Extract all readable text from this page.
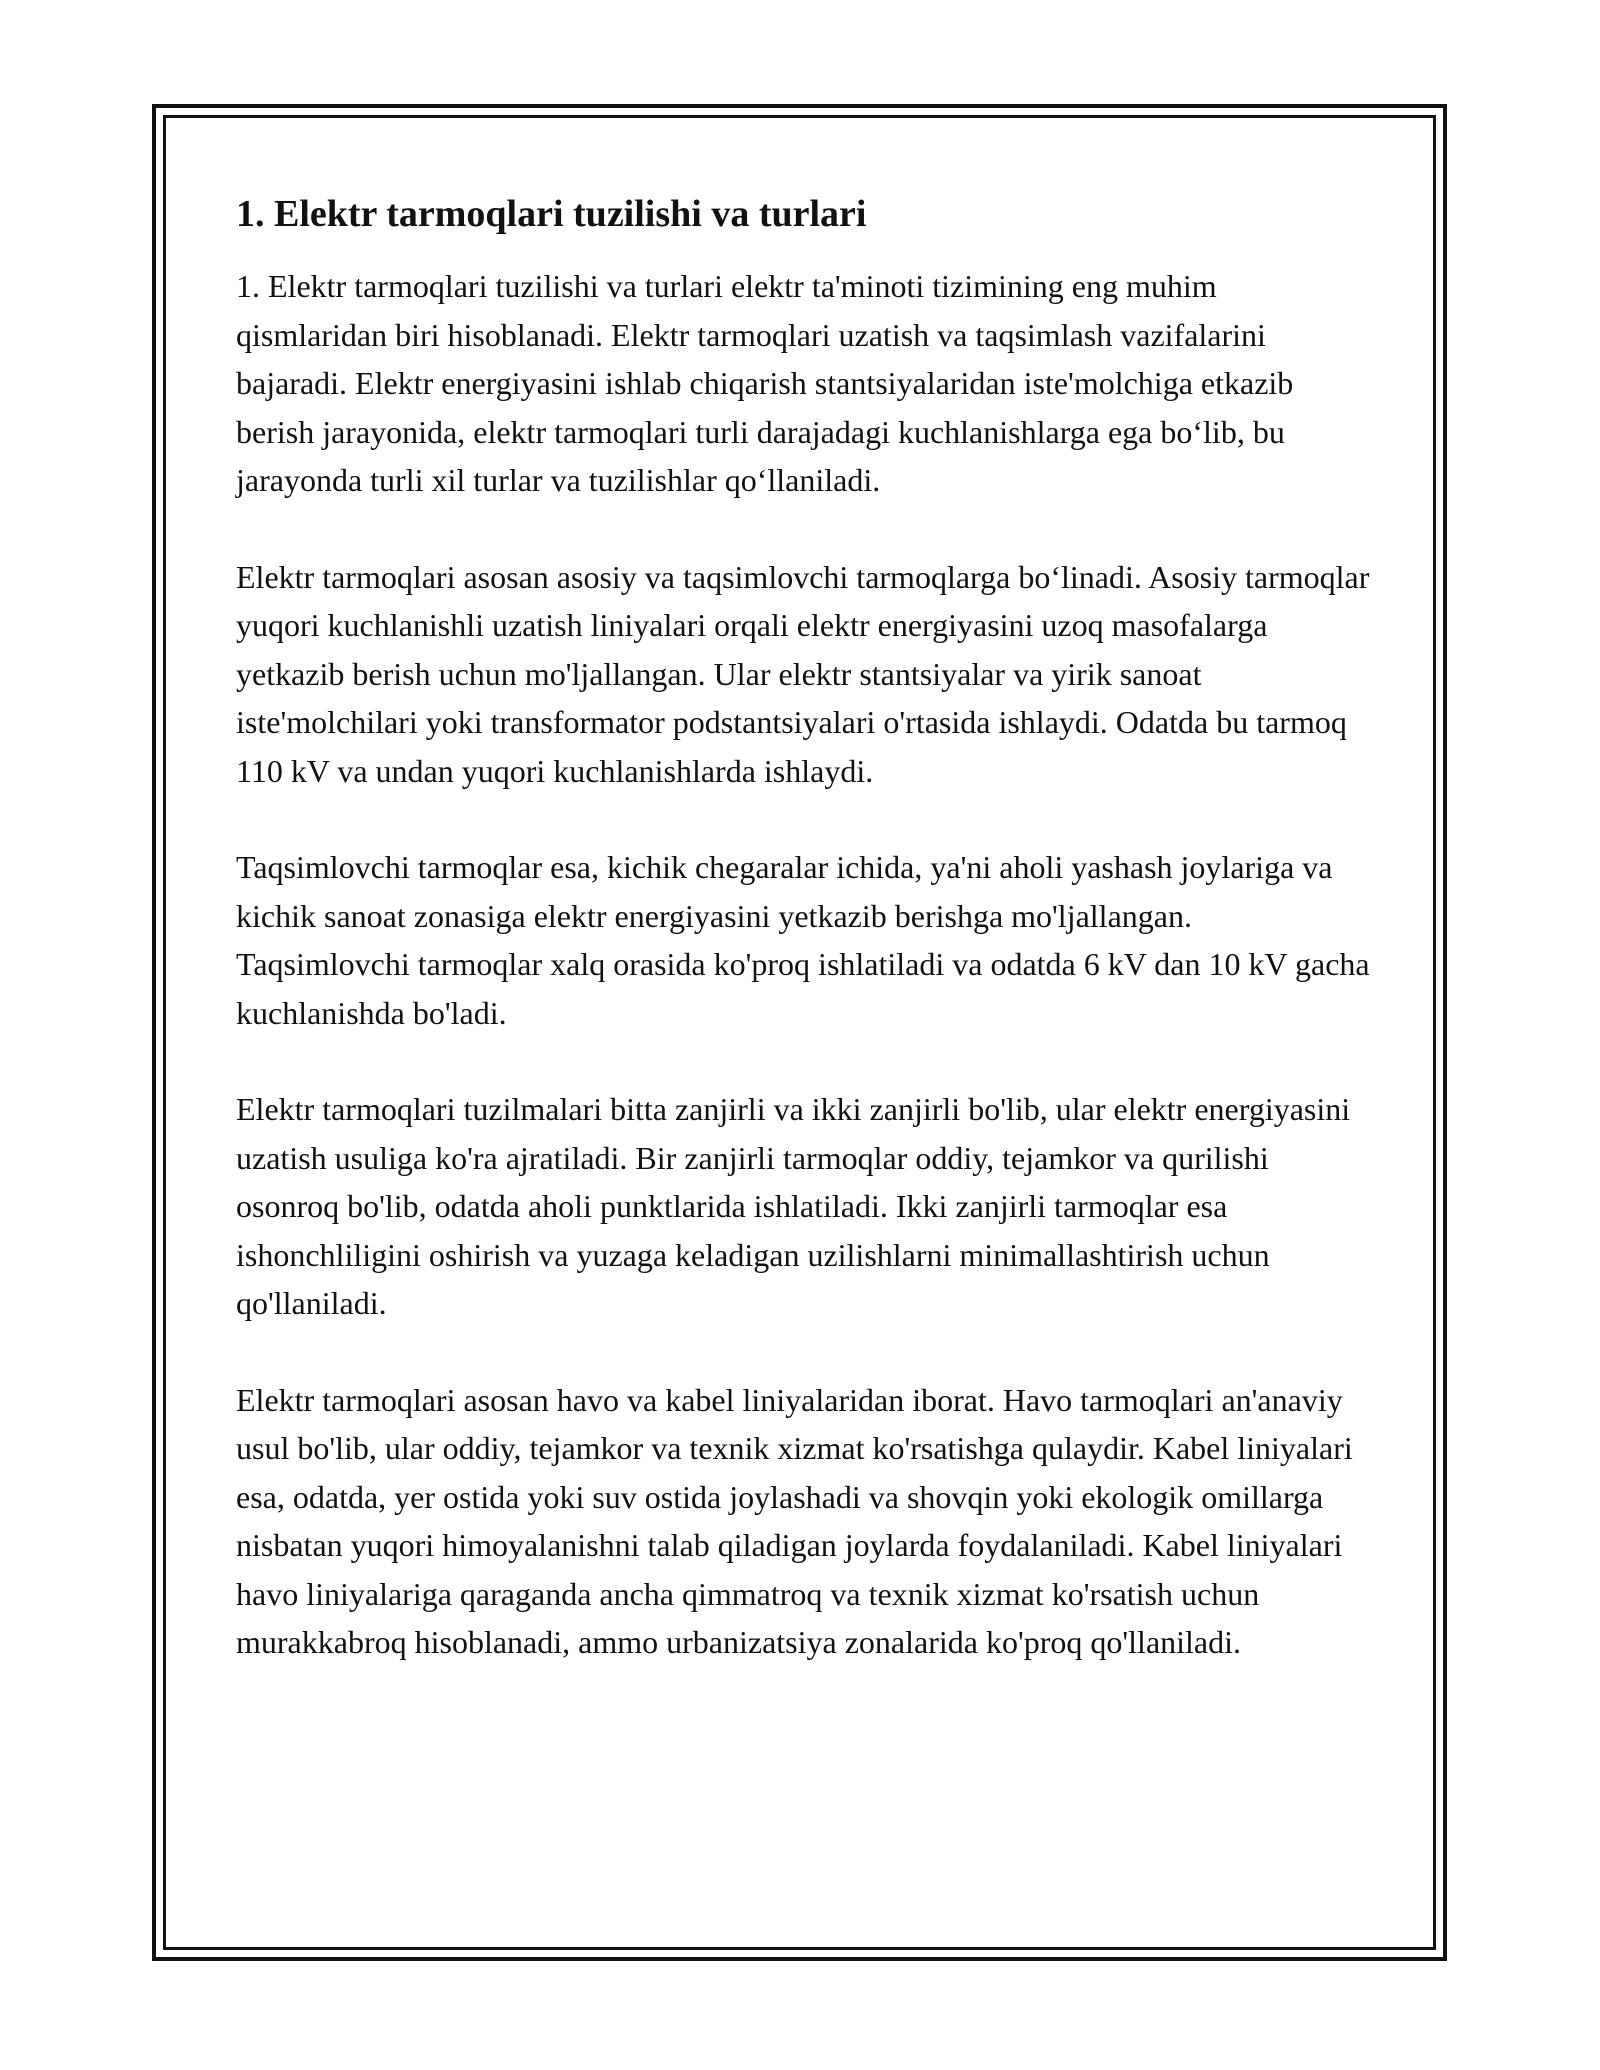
1. Elektr tarmoqlari tuzilishi va turlari

1. Elektr tarmoqlari tuzilishi va turlari elektr ta'minoti tizimining eng muhim qismlaridan biri hisoblanadi. Elektr tarmoqlari uzatish va taqsimlash vazifalarini bajaradi. Elektr energiyasini ishlab chiqarish stantsiyalaridan iste'molchiga etkazib berish jarayonida, elektr tarmoqlari turli darajadagi kuchlanishlarga ega boʻlib, bu jarayonda turli xil turlar va tuzilishlar qoʻllaniladi.

Elektr tarmoqlari asosan asosiy va taqsimlovchi tarmoqlarga boʻlinadi. Asosiy tarmoqlar yuqori kuchlanishli uzatish liniyalari orqali elektr energiyasini uzoq masofalarga yetkazib berish uchun mo'ljallangan. Ular elektr stantsiyalar va yirik sanoat iste'molchilari yoki transformator podstantsiyalari o'rtasida ishlaydi. Odatda bu tarmoq 110 kV va undan yuqori kuchlanishlarda ishlaydi.

Taqsimlovchi tarmoqlar esa, kichik chegaralar ichida, ya'ni aholi yashash joylariga va kichik sanoat zonasiga elektr energiyasini yetkazib berishga mo'ljallangan. Taqsimlovchi tarmoqlar xalq orasida ko'proq ishlatiladi va odatda 6 kV dan 10 kV gacha kuchlanishda bo'ladi.

Elektr tarmoqlari tuzilmalari bitta zanjirli va ikki zanjirli bo'lib, ular elektr energiyasini uzatish usuliga ko'ra ajratiladi. Bir zanjirli tarmoqlar oddiy, tejamkor va qurilishi osonroq bo'lib, odatda aholi punktlarida ishlatiladi. Ikki zanjirli tarmoqlar esa ishonchliligini oshirish va yuzaga keladigan uzilishlarni minimallashtirish uchun qo'llaniladi.

Elektr tarmoqlari asosan havo va kabel liniyalaridan iborat. Havo tarmoqlari an'anaviy usul bo'lib, ular oddiy, tejamkor va texnik xizmat ko'rsatishga qulaydir. Kabel liniyalari esa, odatda, yer ostida yoki suv ostida joylashadi va shovqin yoki ekologik omillarga nisbatan yuqori himoyalanishni talab qiladigan joylarda foydalaniladi. Kabel liniyalari havo liniyalariga qaraganda ancha qimmatroq va texnik xizmat ko'rsatish uchun murakkabroq hisoblanadi, ammo urbanizatsiya zonalarida ko'proq qo'llaniladi.
